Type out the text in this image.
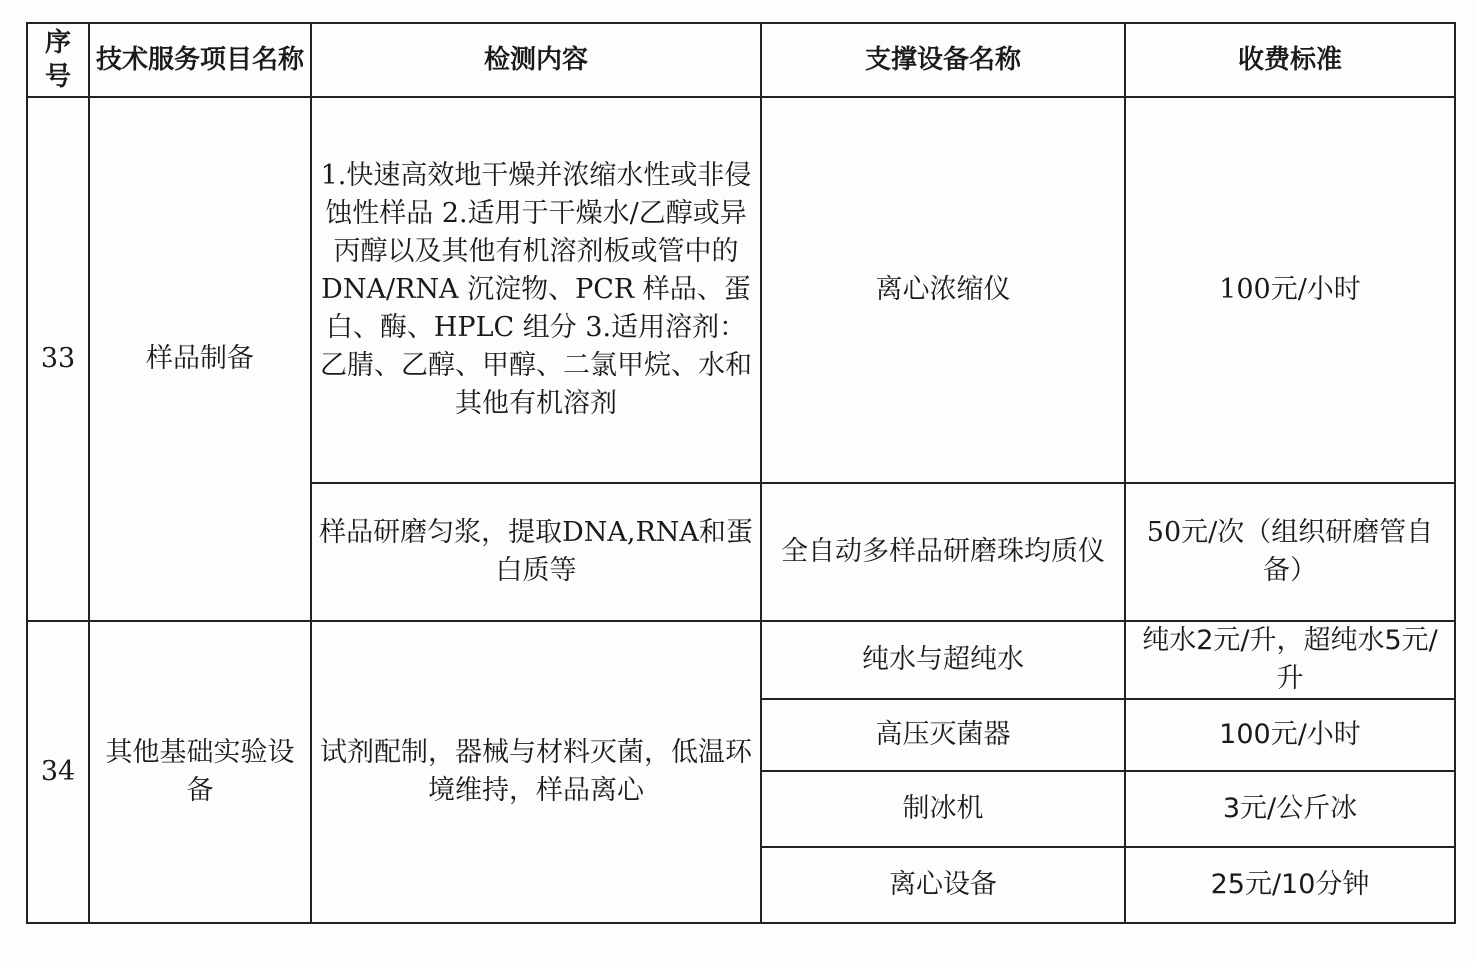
序号	技术服务项目名称	检测内容	支撑设备名称	收费标准
33	样品制备	1.快速高效地干燥并浓缩水性或非侵蚀性样品 2.适用于干燥水/乙醇或异丙醇以及其他有机溶剂板或管中的 DNA/RNA 沉淀物、PCR 样品、蛋白、酶、HPLC 组分 3.适用溶剂：乙腈、乙醇、甲醇、二氯甲烷、水和其他有机溶剂	离心浓缩仪	100元/小时
		样品研磨匀浆，提取DNA,RNA和蛋白质等	全自动多样品研磨珠均质仪	50元/次（组织研磨管自备）
34	其他基础实验设备	试剂配制，器械与材料灭菌，低温环境维持，样品离心	纯水与超纯水	纯水2元/升，超纯水5元/升
			高压灭菌器	100元/小时
			制冰机	3元/公斤冰
			离心设备	25元/10分钟
